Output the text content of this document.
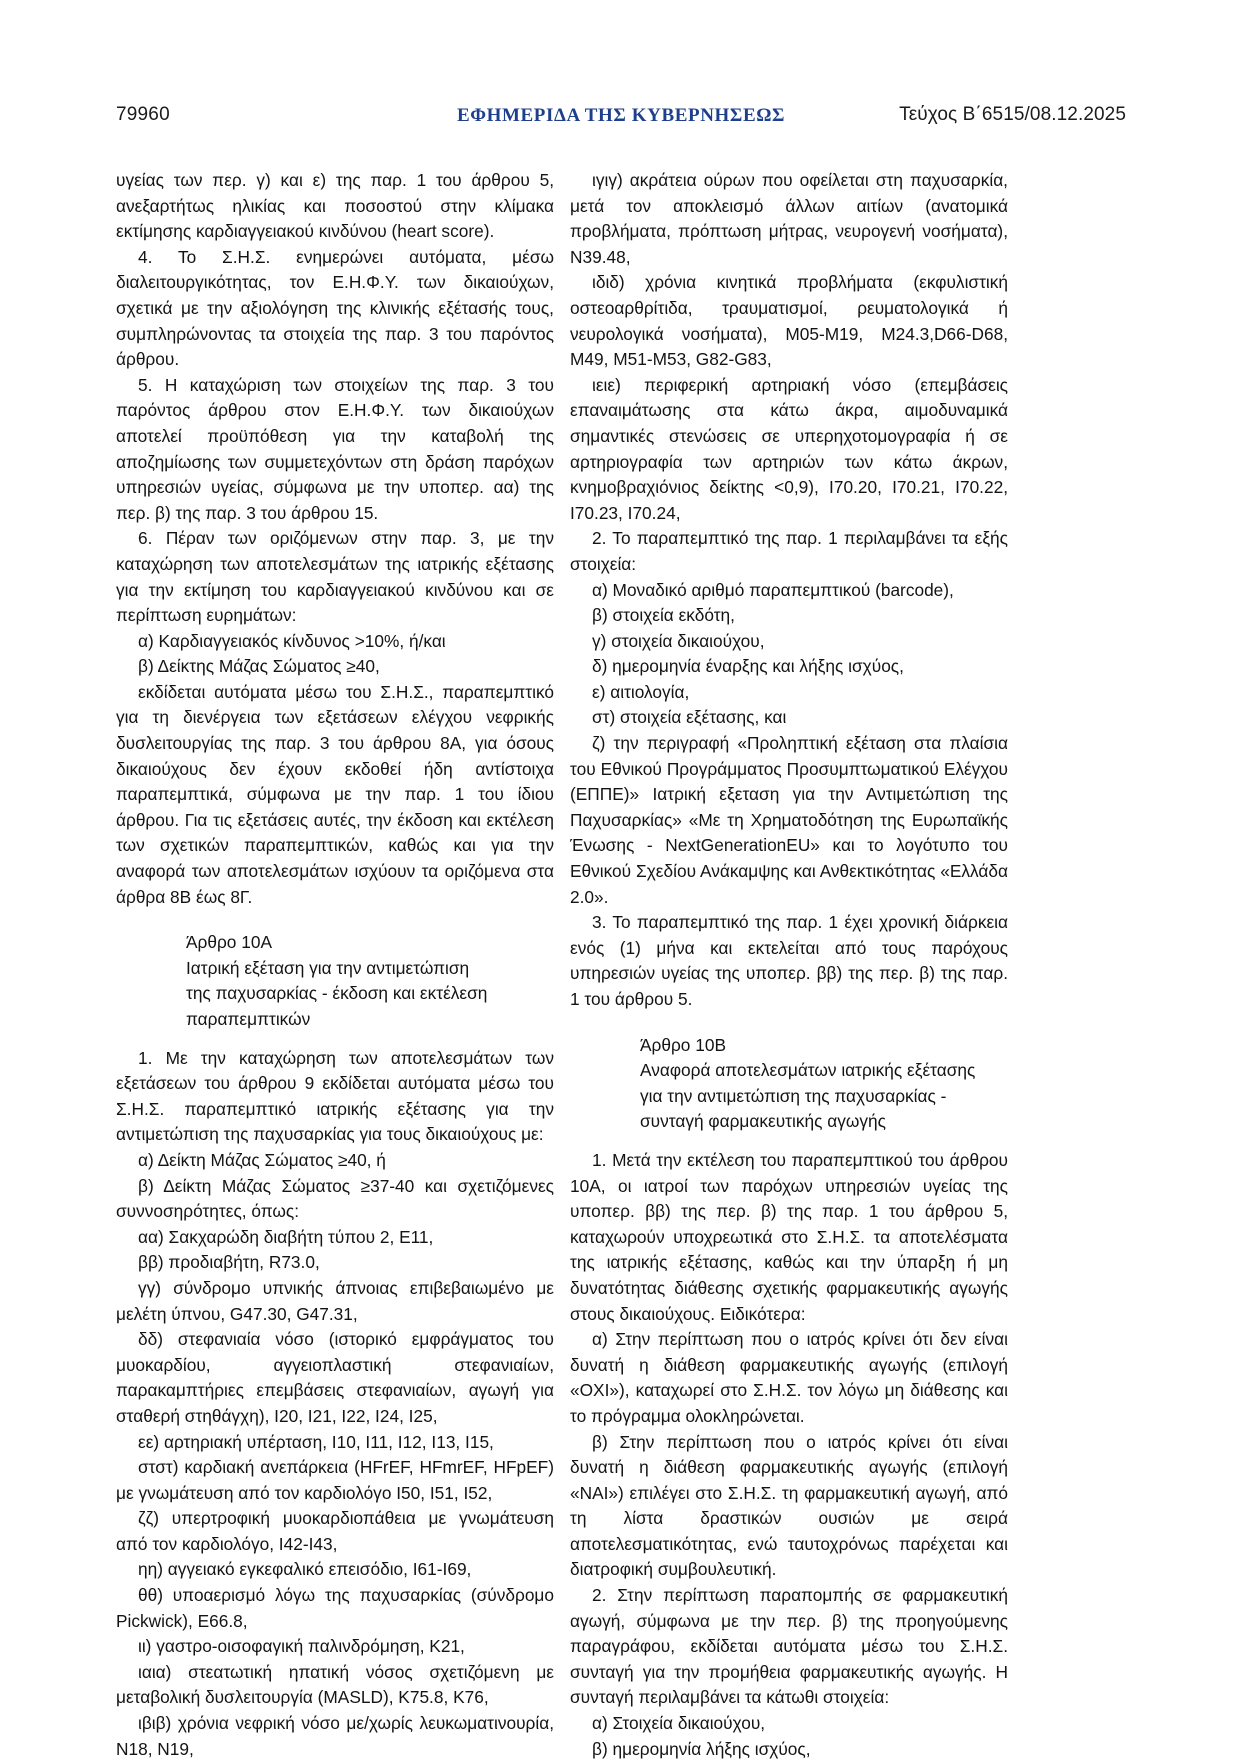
79960	ΕΦΗΜΕΡΙΔΑ ΤΗΣ ΚΥΒΕΡΝΗΣΕΩΣ	Τεύχος Β΄6515/08.12.2025

υγείας των περ. γ) και ε) της παρ. 1 του άρθρου 5, ανεξαρτήτως ηλικίας και ποσοστού στην κλίμακα εκτίμησης καρδιαγγειακού κινδύνου (heart score).

4. Το Σ.Η.Σ. ενημερώνει αυτόματα, μέσω διαλειτουργικότητας, τον Ε.Η.Φ.Υ. των δικαιούχων, σχετικά με την αξιολόγηση της κλινικής εξέτασής τους, συμπληρώνοντας τα στοιχεία της παρ. 3 του παρόντος άρθρου.

5. Η καταχώριση των στοιχείων της παρ. 3 του παρόντος άρθρου στον Ε.Η.Φ.Υ. των δικαιούχων αποτελεί προϋπόθεση για την καταβολή της αποζημίωσης των συμμετεχόντων στη δράση παρόχων υπηρεσιών υγείας, σύμφωνα με την υποπερ. αα) της περ. β) της παρ. 3 του άρθρου 15.

6. Πέραν των οριζόμενων στην παρ. 3, με την καταχώρηση των αποτελεσμάτων της ιατρικής εξέτασης για την εκτίμηση του καρδιαγγειακού κινδύνου και σε περίπτωση ευρημάτων:

α) Καρδιαγγειακός κίνδυνος >10%, ή/και

β) Δείκτης Μάζας Σώματος ≥40,

εκδίδεται αυτόματα μέσω του Σ.Η.Σ., παραπεμπτικό για τη διενέργεια των εξετάσεων ελέγχου νεφρικής δυσλειτουργίας της παρ. 3 του άρθρου 8Α, για όσους δικαιούχους δεν έχουν εκδοθεί ήδη αντίστοιχα παραπεμπτικά, σύμφωνα με την παρ. 1 του ίδιου άρθρου. Για τις εξετάσεις αυτές, την έκδοση και εκτέλεση των σχετικών παραπεμπτικών, καθώς και για την αναφορά των αποτελεσμάτων ισχύουν τα οριζόμενα στα άρθρα 8Β έως 8Γ.

Άρθρο 10Α

Ιατρική εξέταση για την αντιμετώπιση

της παχυσαρκίας - έκδοση και εκτέλεση

παραπεμπτικών

1. Με την καταχώρηση των αποτελεσμάτων των εξετάσεων του άρθρου 9 εκδίδεται αυτόματα μέσω του Σ.Η.Σ. παραπεμπτικό ιατρικής εξέτασης για την αντιμετώπιση της παχυσαρκίας για τους δικαιούχους με:

α) Δείκτη Μάζας Σώματος ≥40, ή

β) Δείκτη Μάζας Σώματος ≥37-40 και σχετιζόμενες συννοσηρότητες, όπως:

αα) Σακχαρώδη διαβήτη τύπου 2, Ε11,

ββ) προδιαβήτη, R73.0,

γγ) σύνδρομο υπνικής άπνοιας επιβεβαιωμένο με μελέτη ύπνου, G47.30, G47.31,

δδ) στεφανιαία νόσο (ιστορικό εμφράγματος του μυοκαρδίου, αγγειοπλαστική στεφανιαίων, παρακαμπτήριες επεμβάσεις στεφανιαίων, αγωγή για σταθερή στηθάγχη), I20, I21, I22, I24, I25,

εε) αρτηριακή υπέρταση, I10, I11, I12, I13, I15,

στστ) καρδιακή ανεπάρκεια (HFrEF, HFmrEF, HFpEF) με γνωμάτευση από τον καρδιολόγο I50, I51, I52,

ζζ) υπερτροφική μυοκαρδιοπάθεια με γνωμάτευση από τον καρδιολόγο, I42-I43,

ηη) αγγειακό εγκεφαλικό επεισόδιο, I61-I69,

θθ) υποαερισμό λόγω της παχυσαρκίας (σύνδρομο Pickwick), Ε66.8,

ιι) γαστρο-οισοφαγική παλινδρόμηση, Κ21,

ιαια) στεατωτική ηπατική νόσος σχετιζόμενη με μεταβολική δυσλειτουργία (MASLD), Κ75.8, Κ76,

ιβιβ) χρόνια νεφρική νόσο με/χωρίς λευκωματινουρία, Ν18, Ν19,

ιγιγ) ακράτεια ούρων που οφείλεται στη παχυσαρκία, μετά τον αποκλεισμό άλλων αιτίων (ανατομικά προβλήματα, πρόπτωση μήτρας, νευρογενή νοσήματα), Ν39.48,

ιδιδ) χρόνια κινητικά προβλήματα (εκφυλιστική οστεοαρθρίτιδα, τραυματισμοί, ρευματολογικά ή νευρολογικά νοσήματα), Μ05-Μ19, Μ24.3,D66-D68, Μ49, Μ51-Μ53, G82-G83,

ιειε) περιφερική αρτηριακή νόσο (επεμβάσεις επαναιμάτωσης στα κάτω άκρα, αιμοδυναμικά σημαντικές στενώσεις σε υπερηχοτομογραφία ή σε αρτηριογραφία των αρτηριών των κάτω άκρων, κνημοβραχιόνιος δείκτης <0,9), I70.20, I70.21, I70.22, I70.23, I70.24,

2. Το παραπεμπτικό της παρ. 1 περιλαμβάνει τα εξής στοιχεία:

α) Μοναδικό αριθμό παραπεμπτικού (barcode),

β) στοιχεία εκδότη,

γ) στοιχεία δικαιούχου,

δ) ημερομηνία έναρξης και λήξης ισχύος,

ε) αιτιολογία,

στ) στοιχεία εξέτασης, και

ζ) την περιγραφή «Προληπτική εξέταση στα πλαίσια του Εθνικού Προγράμματος Προσυμπτωματικού Ελέγχου (ΕΠΠΕ)» Ιατρική εξεταση για την Αντιμετώπιση της Παχυσαρκίας» «Με τη Χρηματοδότηση της Ευρωπαϊκής Ένωσης - NextGenerationEU» και το λογότυπο του Εθνικού Σχεδίου Ανάκαμψης και Ανθεκτικότητας «Ελλάδα 2.0».

3. Το παραπεμπτικό της παρ. 1 έχει χρονική διάρκεια ενός (1) μήνα και εκτελείται από τους παρόχους υπηρεσιών υγείας της υποπερ. ββ) της περ. β) της παρ. 1 του άρθρου 5.

Άρθρο 10Β

Αναφορά αποτελεσμάτων ιατρικής εξέτασης

για την αντιμετώπιση της παχυσαρκίας -

συνταγή φαρμακευτικής αγωγής

1. Μετά την εκτέλεση του παραπεμπτικού του άρθρου 10Α, οι ιατροί των παρόχων υπηρεσιών υγείας της υποπερ. ββ) της περ. β) της παρ. 1 του άρθρου 5, καταχωρούν υποχρεωτικά στο Σ.Η.Σ. τα αποτελέσματα της ιατρικής εξέτασης, καθώς και την ύπαρξη ή μη δυνατότητας διάθεσης σχετικής φαρμακευτικής αγωγής στους δικαιούχους. Ειδικότερα:

α) Στην περίπτωση που ο ιατρός κρίνει ότι δεν είναι δυνατή η διάθεση φαρμακευτικής αγωγής (επιλογή «ΟΧΙ»), καταχωρεί στο Σ.Η.Σ. τον λόγω μη διάθεσης και το πρόγραμμα ολοκληρώνεται.

β) Στην περίπτωση που ο ιατρός κρίνει ότι είναι δυνατή η διάθεση φαρμακευτικής αγωγής (επιλογή «ΝΑΙ») επιλέγει στο Σ.Η.Σ. τη φαρμακευτική αγωγή, από τη λίστα δραστικών ουσιών με σειρά αποτελεσματικότητας, ενώ ταυτοχρόνως παρέχεται και διατροφική συμβουλευτική.

2. Στην περίπτωση παραπομπής σε φαρμακευτική αγωγή, σύμφωνα με την περ. β) της προηγούμενης παραγράφου, εκδίδεται αυτόματα μέσω του Σ.Η.Σ. συνταγή για την προμήθεια φαρμακευτικής αγωγής. Η συνταγή περιλαμβάνει τα κάτωθι στοιχεία:

α) Στοιχεία δικαιούχου,

β) ημερομηνία λήξης ισχύος,
